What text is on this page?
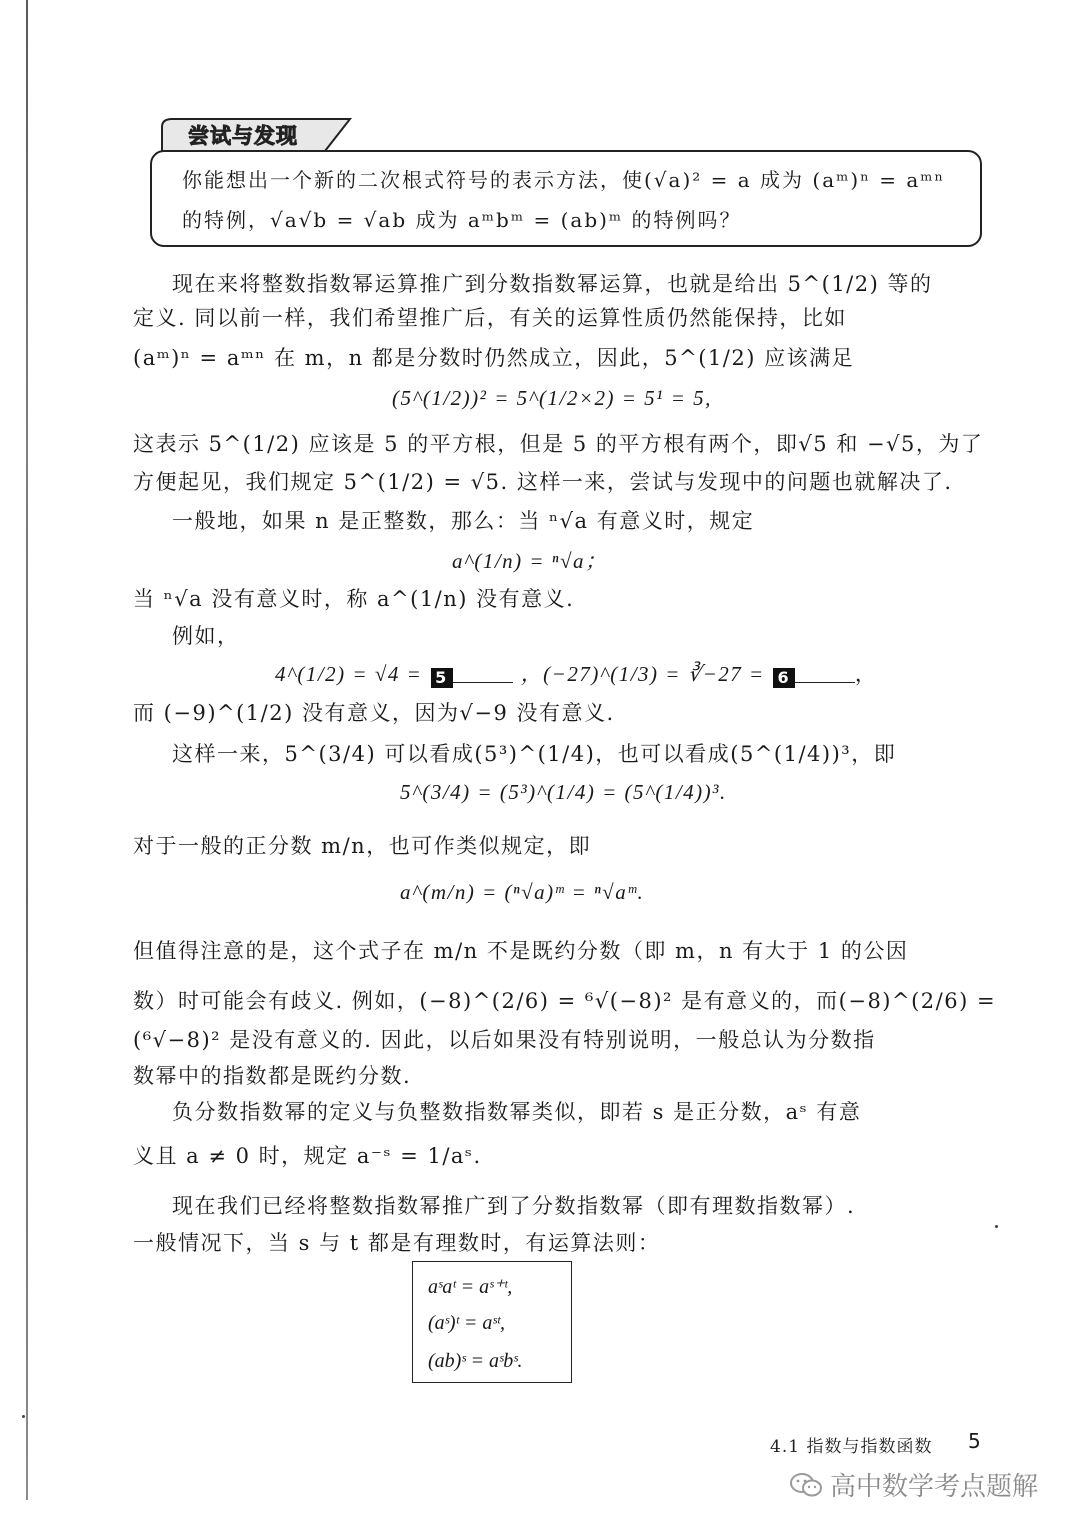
尝试与发现
你能想出一个新的二次根式符号的表示方法，使(√a)² = a 成为 (aᵐ)ⁿ = aᵐⁿ
的特例，√a√b = √ab 成为 aᵐbᵐ = (ab)ᵐ 的特例吗？
现在来将整数指数幂运算推广到分数指数幂运算，也就是给出 5^(1/2) 等的
定义. 同以前一样，我们希望推广后，有关的运算性质仍然能保持，比如
(aᵐ)ⁿ = aᵐⁿ 在 m，n 都是分数时仍然成立，因此，5^(1/2) 应该满足
(5^(1/2))² = 5^(1/2×2) = 5¹ = 5,
这表示 5^(1/2) 应该是 5 的平方根，但是 5 的平方根有两个，即√5 和 −√5，为了
方便起见，我们规定 5^(1/2) = √5. 这样一来，尝试与发现中的问题也就解决了.
一般地，如果 n 是正整数，那么：当 ⁿ√a 有意义时，规定
a^(1/n) = ⁿ√a；
当 ⁿ√a 没有意义时，称 a^(1/n) 没有意义.
例如，
4^(1/2) = √4 = 5	，(−27)^(1/3) = ∛−27 = 6	，
而 (−9)^(1/2) 没有意义，因为√−9 没有意义.
这样一来，5^(3/4) 可以看成(5³)^(1/4)，也可以看成(5^(1/4))³，即
5^(3/4) = (5³)^(1/4) = (5^(1/4))³.
对于一般的正分数 m/n，也可作类似规定，即
a^(m/n) = (ⁿ√a)ᵐ = ⁿ√aᵐ.
但值得注意的是，这个式子在 m/n 不是既约分数（即 m，n 有大于 1 的公因
数）时可能会有歧义. 例如，(−8)^(2/6) = ⁶√(−8)² 是有意义的，而(−8)^(2/6) =
(⁶√−8)² 是没有意义的. 因此，以后如果没有特别说明，一般总认为分数指
数幂中的指数都是既约分数.
负分数指数幂的定义与负整数指数幂类似，即若 s 是正分数，aˢ 有意
义且 a ≠ 0 时，规定 a⁻ˢ = 1/aˢ.
现在我们已经将整数指数幂推广到了分数指数幂（即有理数指数幂）.
一般情况下，当 s 与 t 都是有理数时，有运算法则：
aˢaᵗ = aˢ⁺ᵗ,
(aˢ)ᵗ = aˢᵗ,
(ab)ˢ = aˢbˢ.
4.1 指数与指数函数 5
高中数学考点题解
